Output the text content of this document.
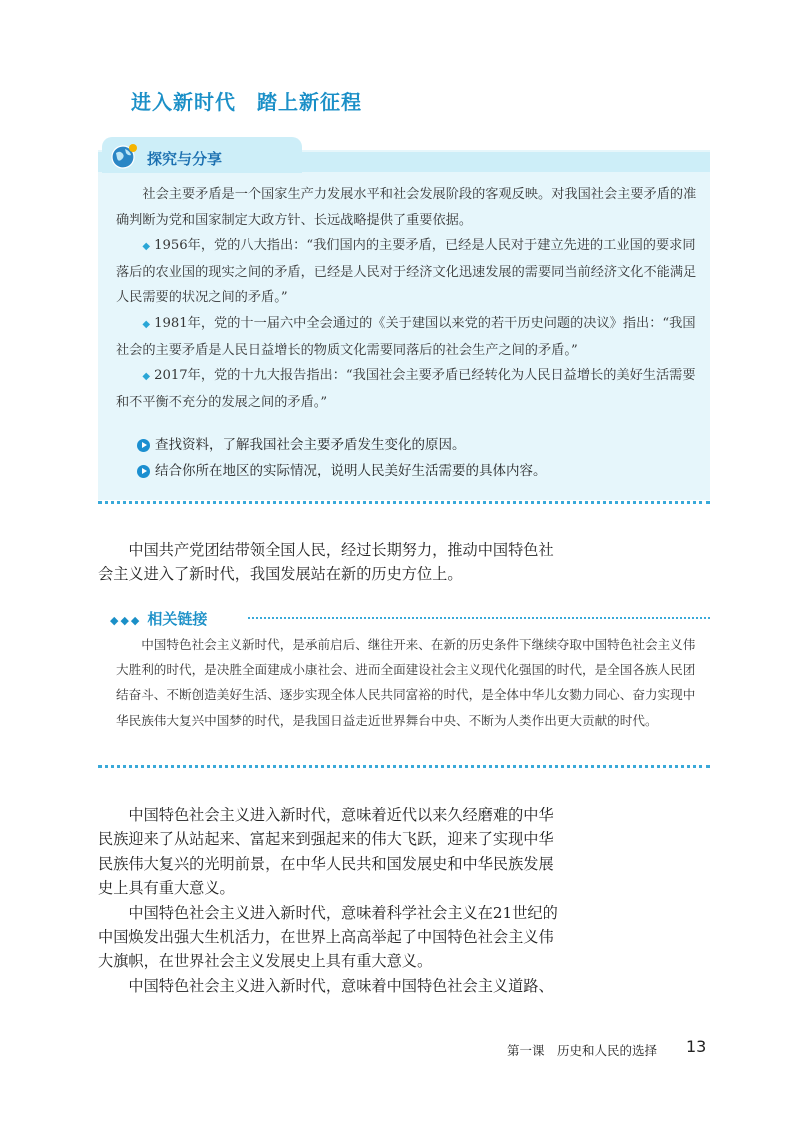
进入新时代　踏上新征程
探究与分享

社会主要矛盾是一个国家生产力发展水平和社会发展阶段的客观反映。对我国社会主要矛盾的准确判断为党和国家制定大政方针、长远战略提供了重要依据。

◆ 1956年，党的八大指出：“我们国内的主要矛盾，已经是人民对于建立先进的工业国的要求同落后的农业国的现实之间的矛盾，已经是人民对于经济文化迅速发展的需要同当前经济文化不能满足人民需要的状况之间的矛盾。”

◆ 1981年，党的十一届六中全会通过的《关于建国以来党的若干历史问题的决议》指出：“我国社会的主要矛盾是人民日益增长的物质文化需要同落后的社会生产之间的矛盾。”

◆ 2017年，党的十九大报告指出：“我国社会主要矛盾已经转化为人民日益增长的美好生活需要和不平衡不充分的发展之间的矛盾。”

查找资料，了解我国社会主要矛盾发生变化的原因。
结合你所在地区的实际情况，说明人民美好生活需要的具体内容。

中国共产党团结带领全国人民，经过长期努力，推动中国特色社会主义进入了新时代，我国发展站在新的历史方位上。

◆◆◆ 相关链接

中国特色社会主义新时代，是承前启后、继往开来、在新的历史条件下继续夺取中国特色社会主义伟大胜利的时代，是决胜全面建成小康社会、进而全面建设社会主义现代化强国的时代，是全国各族人民团结奋斗、不断创造美好生活、逐步实现全体人民共同富裕的时代，是全体中华儿女勠力同心、奋力实现中华民族伟大复兴中国梦的时代，是我国日益走近世界舞台中央、不断为人类作出更大贡献的时代。

中国特色社会主义进入新时代，意味着近代以来久经磨难的中华民族迎来了从站起来、富起来到强起来的伟大飞跃，迎来了实现中华民族伟大复兴的光明前景，在中华人民共和国发展史和中华民族发展史上具有重大意义。

中国特色社会主义进入新时代，意味着科学社会主义在21世纪的中国焕发出强大生机活力，在世界上高高举起了中国特色社会主义伟大旗帜，在世界社会主义发展史上具有重大意义。

中国特色社会主义进入新时代，意味着中国特色社会主义道路、

第一课　历史和人民的选择 13
